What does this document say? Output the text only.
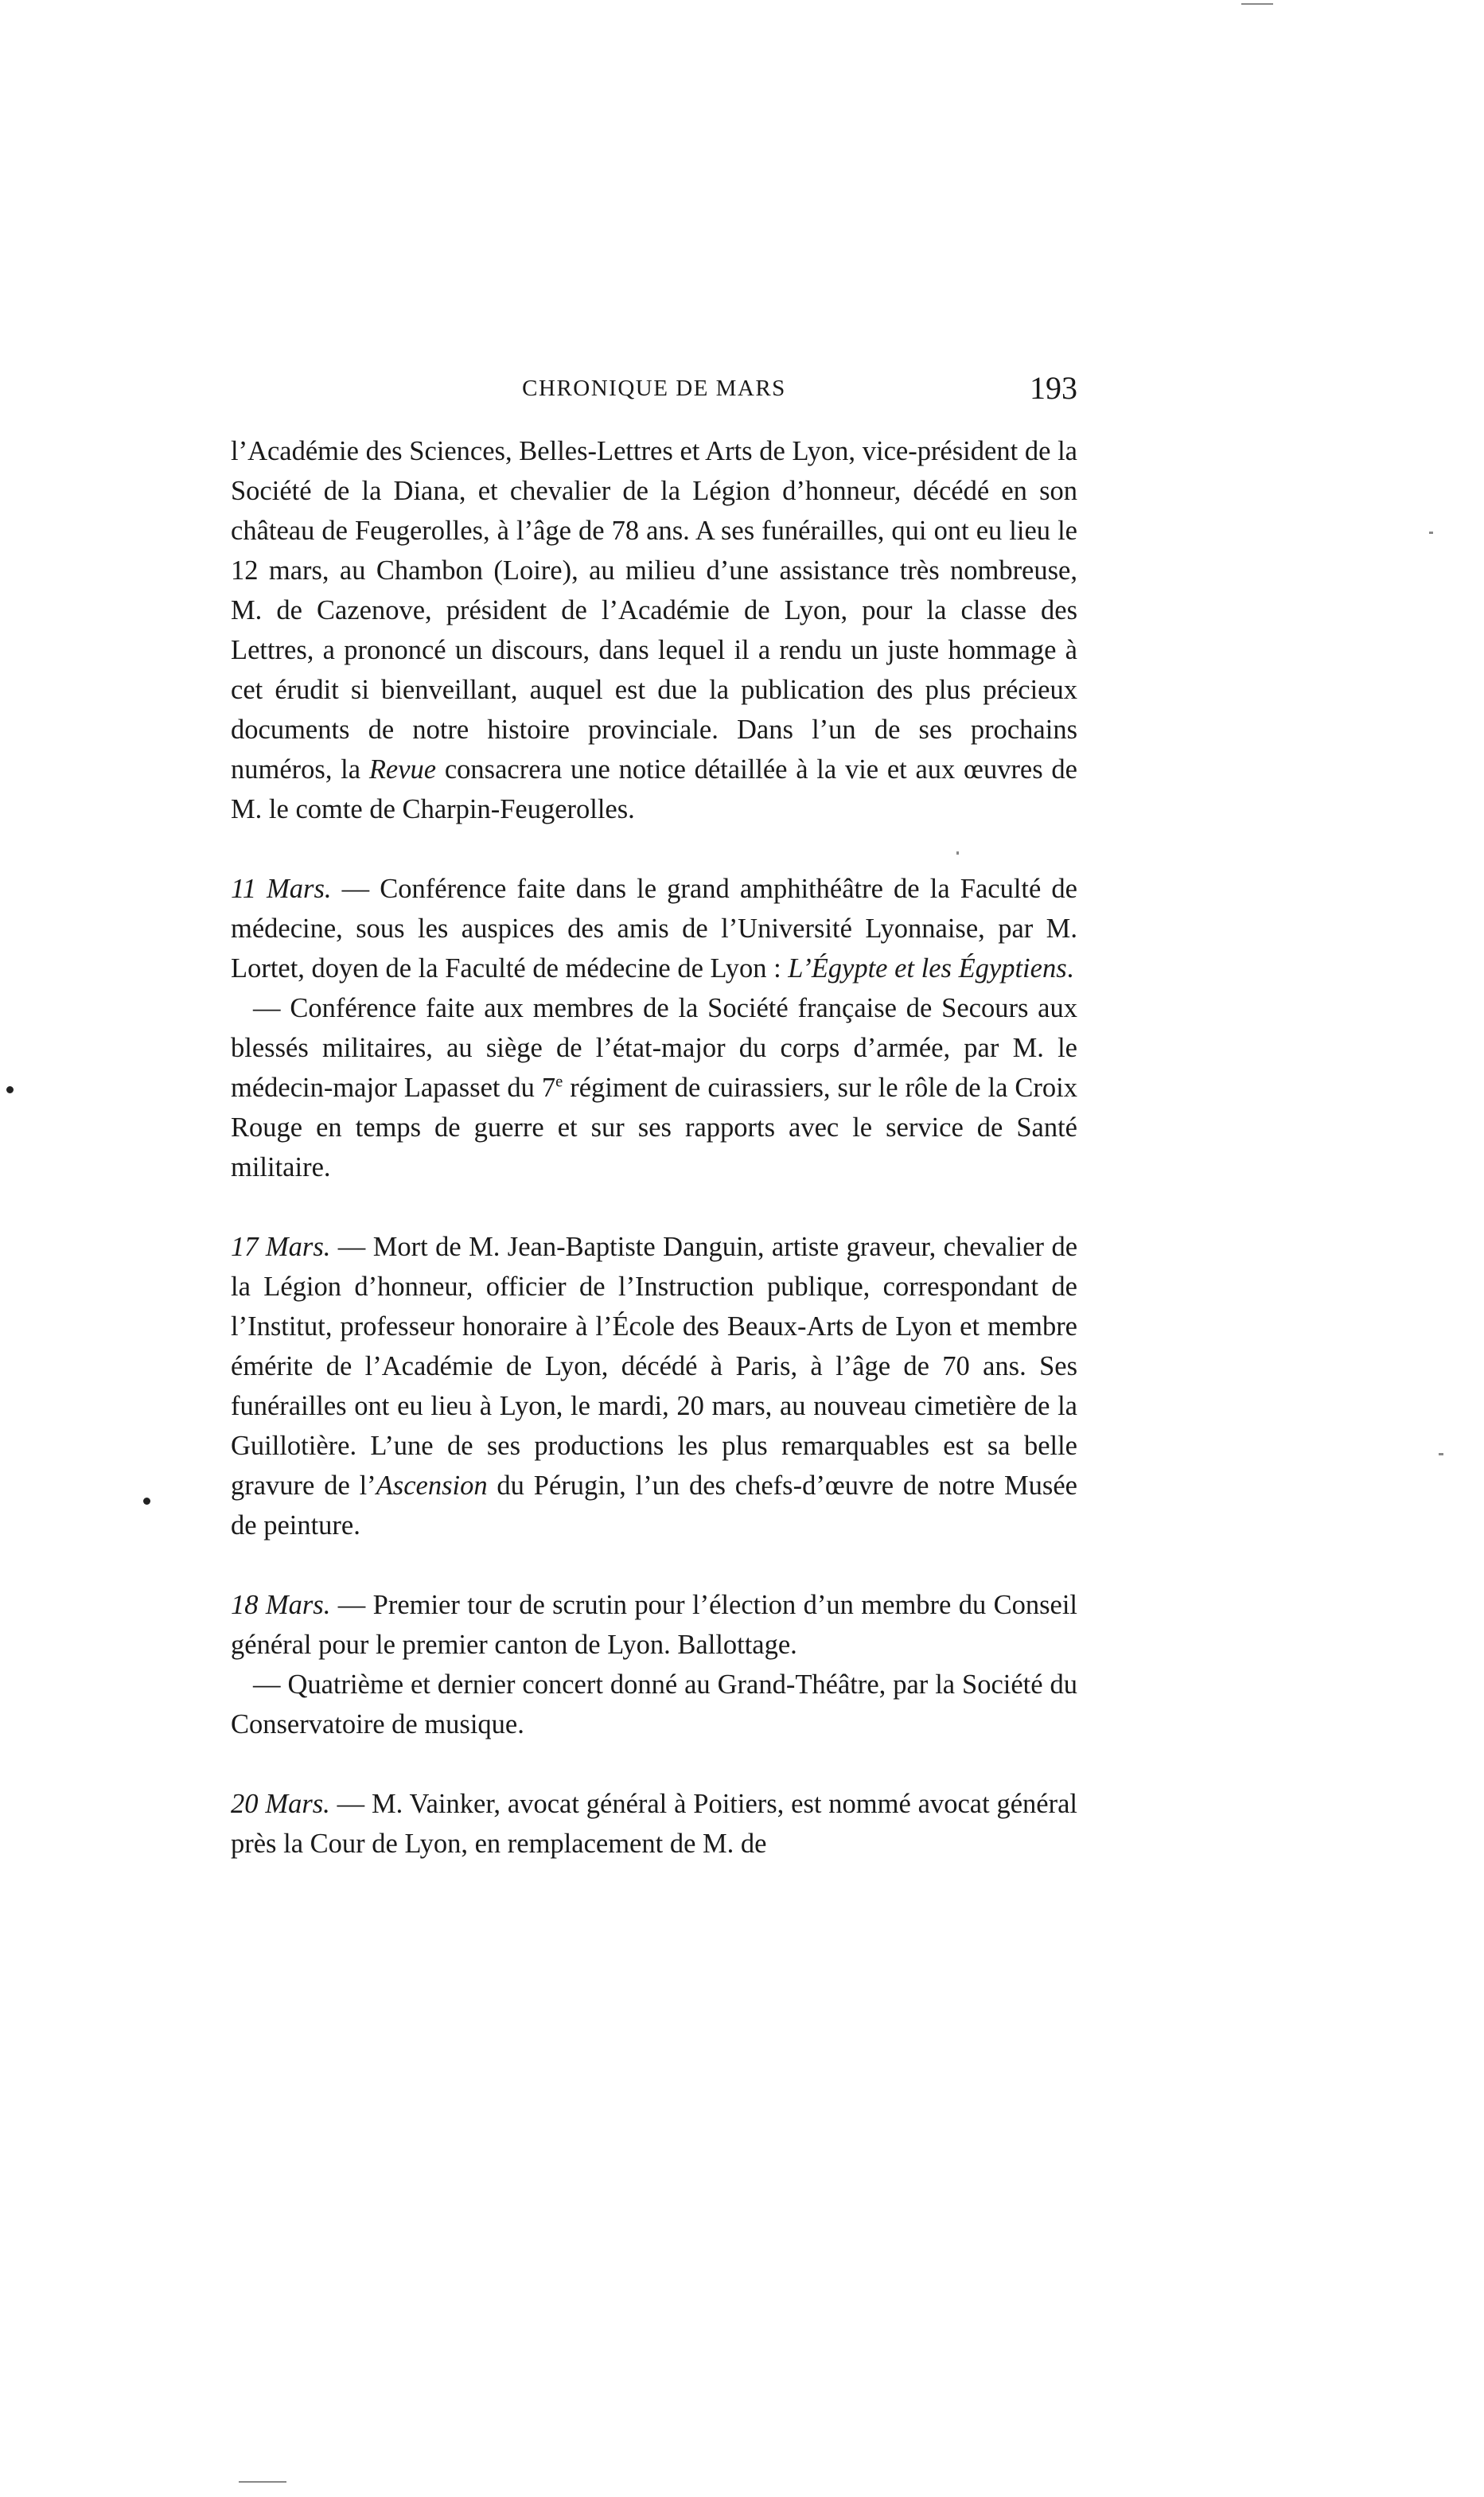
CHRONIQUE DE MARS	193

l’Académie des Sciences, Belles-Lettres et Arts de Lyon, vice-président de la Société de la Diana, et chevalier de la Légion d’honneur, décédé en son château de Feugerolles, à l’âge de 78 ans. A ses funérailles, qui ont eu lieu le 12 mars, au Chambon (Loire), au milieu d’une assistance très nombreuse, M. de Cazenove, président de l’Académie de Lyon, pour la classe des Lettres, a prononcé un discours, dans lequel il a rendu un juste hommage à cet érudit si bienveillant, auquel est due la publication des plus précieux documents de notre histoire provinciale. Dans l’un de ses prochains numéros, la Revue consacrera une notice détaillée à la vie et aux œuvres de M. le comte de Charpin-Feugerolles.

11 Mars. — Conférence faite dans le grand amphithéâtre de la Faculté de médecine, sous les auspices des amis de l’Université Lyonnaise, par M. Lortet, doyen de la Faculté de médecine de Lyon : L’Égypte et les Égyptiens.

— Conférence faite aux membres de la Société française de Secours aux blessés militaires, au siège de l’état-major du corps d’armée, par M. le médecin-major Lapasset du 7e régiment de cuirassiers, sur le rôle de la Croix Rouge en temps de guerre et sur ses rapports avec le service de Santé militaire.

17 Mars. — Mort de M. Jean-Baptiste Danguin, artiste graveur, chevalier de la Légion d’honneur, officier de l’Instruction publique, correspondant de l’Institut, professeur honoraire à l’École des Beaux-Arts de Lyon et membre émérite de l’Académie de Lyon, décédé à Paris, à l’âge de 70 ans. Ses funérailles ont eu lieu à Lyon, le mardi, 20 mars, au nouveau cimetière de la Guillotière. L’une de ses productions les plus remarquables est sa belle gravure de l’Ascension du Pérugin, l’un des chefs-d’œuvre de notre Musée de peinture.

18 Mars. — Premier tour de scrutin pour l’élection d’un membre du Conseil général pour le premier canton de Lyon. Ballottage.

— Quatrième et dernier concert donné au Grand-Théâtre, par la Société du Conservatoire de musique.

20 Mars. — M. Vainker, avocat général à Poitiers, est nommé avocat général près la Cour de Lyon, en remplacement de M. de
